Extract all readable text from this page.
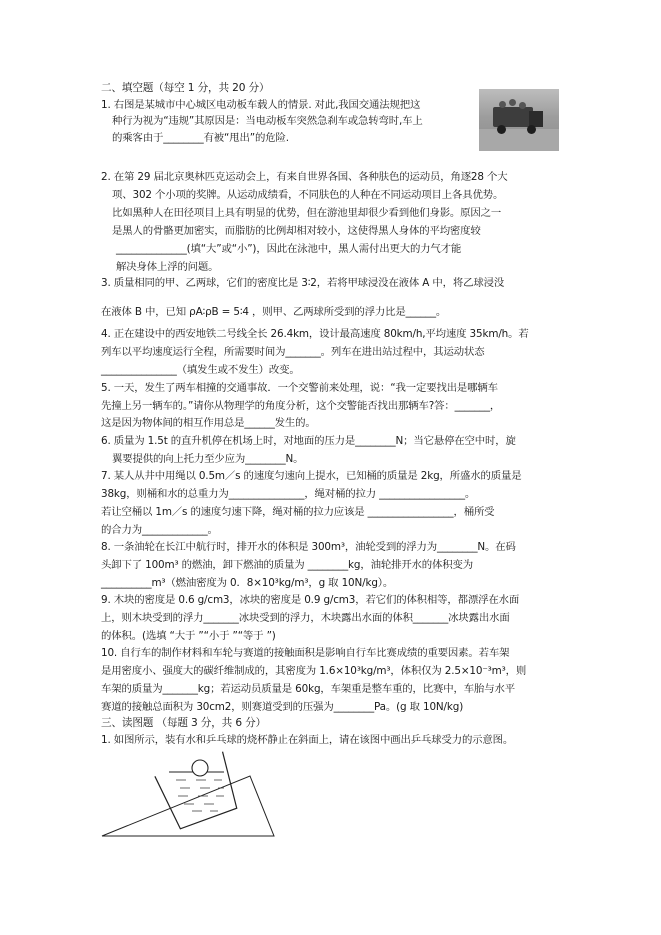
二、填空题（每空 1 分，共 20 分）
1. 右图是某城市中心城区电动板车载人的情景. 对此,我国交通法规把这
种行为视为“违规”其原因是：当电动板车突然急刹车或急转弯时,车上
的乘客由于________有被“甩出”的危险.
2. 在第 29 届北京奥林匹克运动会上，有来自世界各国、各种肤色的运动员，角逐28 个大
项、302 个小项的奖牌。从运动成绩看，不同肤色的人种在不同运动项目上各具优势。
比如黑种人在田径项目上具有明显的优势，但在游池里却很少看到他们身影。原因之一
是黑人的骨骼更加密实，而脂肪的比例却相对较小，这使得黑人身体的平均密度较
______________(填“大”或“小”)，因此在泳池中，黑人需付出更大的力气才能
解决身体上浮的问题。
3. 质量相同的甲、乙两球，它们的密度比是 3∶2，若将甲球浸没在液体 A 中，将乙球浸没
在液体 B 中，已知 ρA∶ρB = 5∶4 ，则甲、乙两球所受到的浮力比是______。
4. 正在建设中的西安地铁二号线全长 26.4km，设计最高速度 80km/h,平均速度 35km/h。若
列车以平均速度运行全程，所需要时间为_______。列车在进出站过程中，其运动状态
_______________（填发生或不发生）改变。
5. 一天，发生了两车相撞的交通事故．一个交警前来处理，说：“我一定要找出是哪辆车
先撞上另一辆车的。”请你从物理学的角度分析，这个交警能否找出那辆车?答：_______，
这是因为物体间的相互作用总是______发生的。
6. 质量为 1.5t 的直升机停在机场上时，对地面的压力是________N；当它悬停在空中时，旋
翼要提供的向上托力至少应为________N。
7. 某人从井中用绳以 0.5m／s 的速度匀速向上提水，已知桶的质量是 2kg，所盛水的质量是
38kg，则桶和水的总重力为_______________，绳对桶的拉力 _________________。
若让空桶以 1m／s 的速度匀速下降，绳对桶的拉力应该是 _________________，桶所受
的合力为_____________。
8. 一条油轮在长江中航行时，排开水的体积是 300m³，油轮受到的浮力为________N。在码
头卸下了 100m³ 的燃油，卸下燃油的质量为 ________kg，油轮排开水的体积变为
__________m³（燃油密度为 0．8×10³kg/m³，g 取 10N/kg）。
9. 木块的密度是 0.6 g/cm3，冰块的密度是 0.9 g/cm3，若它们的体积相等，都漂浮在水面
上，则木块受到的浮力_______冰块受到的浮力，木块露出水面的体积_______冰块露出水面
的体积。(选填 “大于 ”“小于 ”“等于 ”)
10. 自行车的制作材料和车轮与赛道的接触面积是影响自行车比赛成绩的重要因素。若车架
是用密度小、强度大的碳纤维制成的，其密度为 1.6×10³kg/m³，体积仅为 2.5×10⁻³m³，则
车架的质量为_______kg；若运动员质量是 60kg，车架重是整车重的，比赛中，车胎与水平
赛道的接触总面积为 30cm2，则赛道受到的压强为________Pa。(g 取 10N/kg)
三、读图题 （每题 3 分，共 6 分）
1. 如图所示，装有水和乒乓球的烧杯静止在斜面上，请在该图中画出乒乓球受力的示意图。
